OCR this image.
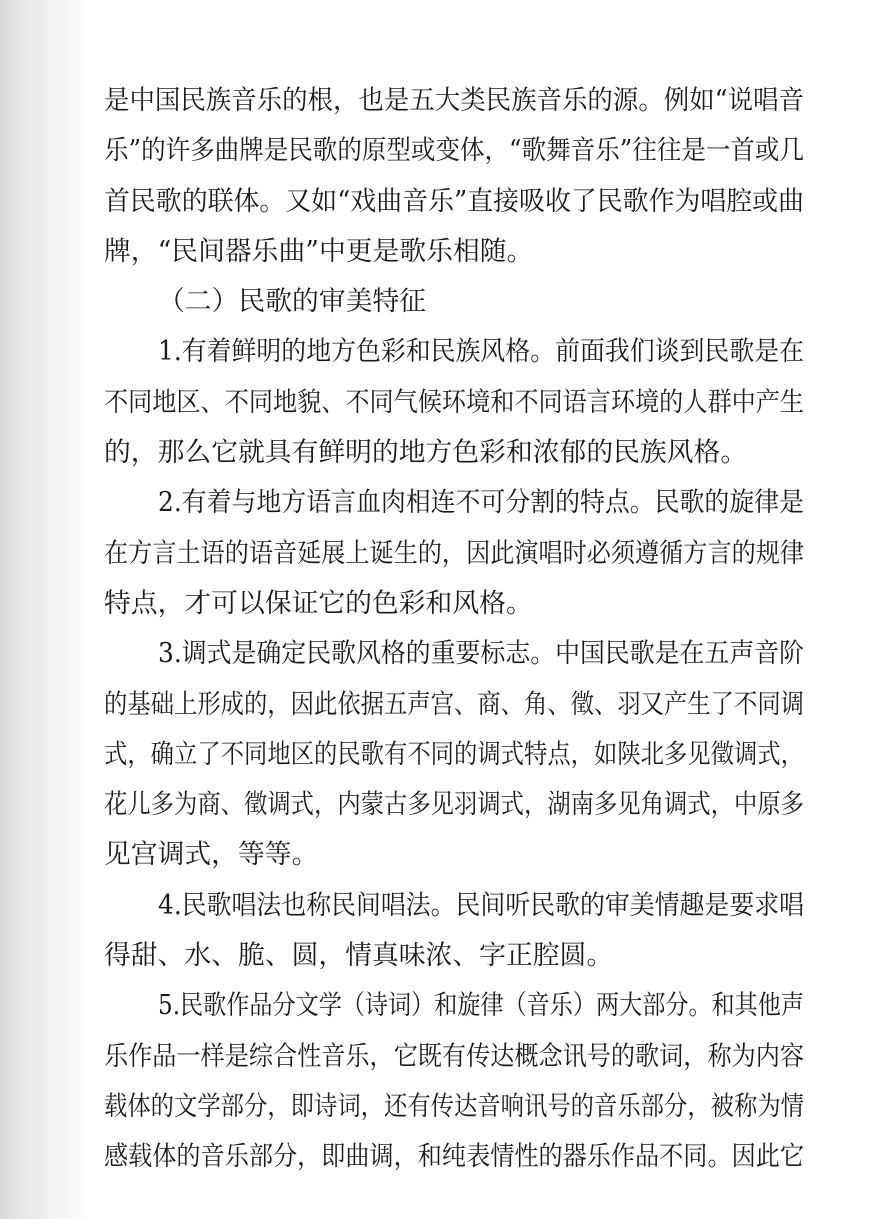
是中国民族音乐的根，也是五大类民族音乐的源。例如“说唱音

乐”的许多曲牌是民歌的原型或变体，“歌舞音乐”往往是一首或几

首民歌的联体。又如“戏曲音乐”直接吸收了民歌作为唱腔或曲

牌，“民间器乐曲”中更是歌乐相随。

（二）民歌的审美特征

1.有着鲜明的地方色彩和民族风格。前面我们谈到民歌是在

不同地区、不同地貌、不同气候环境和不同语言环境的人群中产生

的，那么它就具有鲜明的地方色彩和浓郁的民族风格。

2.有着与地方语言血肉相连不可分割的特点。民歌的旋律是

在方言土语的语音延展上诞生的，因此演唱时必须遵循方言的规律

特点，才可以保证它的色彩和风格。

3.调式是确定民歌风格的重要标志。中国民歌是在五声音阶

的基础上形成的，因此依据五声宫、商、角、徵、羽又产生了不同调

式，确立了不同地区的民歌有不同的调式特点，如陕北多见徵调式，

花儿多为商、徵调式，内蒙古多见羽调式，湖南多见角调式，中原多

见宫调式，等等。

4.民歌唱法也称民间唱法。民间听民歌的审美情趣是要求唱

得甜、水、脆、圆，情真味浓、字正腔圆。

5.民歌作品分文学（诗词）和旋律（音乐）两大部分。和其他声

乐作品一样是综合性音乐，它既有传达概念讯号的歌词，称为内容

载体的文学部分，即诗词，还有传达音响讯号的音乐部分，被称为情

感载体的音乐部分，即曲调，和纯表情性的器乐作品不同。因此它
